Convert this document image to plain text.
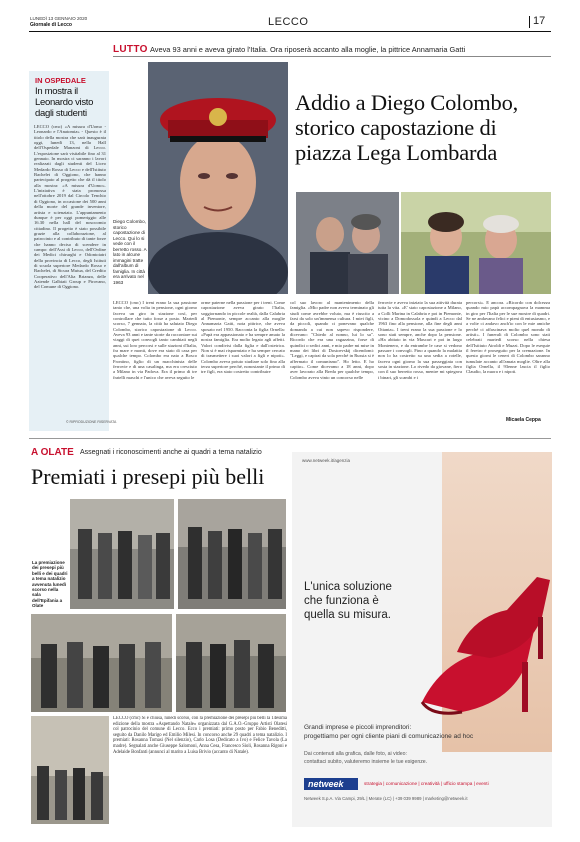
LUNEDÌ 13 GENNAIO 2020
Giornale di Lecco	LECCO	17
IN OSPEDALE
In mostra il Leonardo visto dagli studenti
LECCO (cmc) «A misura d'Uomo - Leonardo e l'Anatomia» - Questo è il titolo della mostra che sarà inaugurata oggi, lunedì 13, nella Hall dell'Ospedale Manzoni di Lecco. L'esposizione sarà visitabile fino al 31 gennaio. In mostra ci saranno i lavori realizzati dagli studenti del Liceo Medardo Rosso di Lecco e dell'Istituto Bachelet di Oggiono, che hanno partecipato al progetto che dà il titolo alla mostra: «A misura d'Uomo». L'iniziativa è stata promossa nell'ottobre 2019 dal Circolo Tenchio di Oggiono, in occasione dei 500 anni della morte del grande inventore, artista e scienziato. L'appuntamento dunque è per oggi pomeriggio alle 16.30 nella hall del nosocomio cittadino. Il progetto è stato possibile grazie alla collaborazione, al patrocinio e al contributo di tante forze che hanno deciso di scendere in campo: dell'Asst di Lecco, dell'Ordine dei Medici chirurghi e Odontoiatri della provincia di Lecco, degli Istituti di scuola superiore Medardo Rosso e Bachelet, di Sicura Mutua, del Credito Cooperativo dell'Alta Brianza, delle Aziende Galbiati Group e Pirovano, del Comune di Oggiono.
© RIPRODUZIONE RISERVATA
LUTTO Aveva 93 anni e aveva girato l'Italia. Ora riposerà accanto alla moglie, la pittrice Annamaria Gatti
Diego Colombo, storico capostazione di Lecco. Qui lo si vede con il berretto rosso. A lato in alcune immagini tratte dall'album di famiglia. In città era arrivato nel 1963
Addio a Diego Colombo, storico capostazione di piazza Lega Lombarda
LECCO (cmc) I treni erano la sua passione tanto che, una volta in pensione, ogni giorno faceva un giro in stazione così, per controllare che tutto fosse a posto. Martedì scorso, 7 gennaio, la città ha salutato Diego Colombo, storico capostazione di Lecco. Aveva 93 anni e tante storie da raccontare sui viaggi di quei convogli tanto cambiati negli anni, sui loro percorsi e sulle stazioni d'Italia, fra mare e monti, dove era stato di casa per qualche tempo. Colombo era nato a Bosco Frontino, figlio di un macchinista delle ferrovie e di una casalinga, ma era cresciuto a Milano in via Padova. Era il primo di tre fratelli maschi e l'unico che aveva seguito le
orme paterne nella passione per i treni. Come capostazione aveva girato l'Italia, soggiornando in piccole realtà, dalla Calabria al Piemonte, sempre accanto alla moglie Annamaria Gatti, nota pittrice, che aveva sposato nel 1950. Racconta la figlia Ornella: «Papà era appassionato e ha sempre amato la nostra famiglia. Era molto legato agli affetti. Valori condivisi dalla figlia e dall'ostetrica. Non si è mai risparmiato e ha sempre cercato di trasmettere i suoi valori a figli e nipoti». Colombo aveva potuto studiare solo fino alla terza superiore perché, nonostante il primo di tre figli, era stato costretto contribuire
col suo lavoro al mantenimento della famiglia. «Mio padre non aveva terminato gli studi come avrebbe voluto, ma è riuscito a farsi da solo un'immensa cultura. I miei figli, da piccoli, quando ci ponevano qualche domanda a cui non sapevo rispondere, dicevano: "Chiedo al nonno, lui lo sa". Ricordo che era una ragazzina, forse di quindici o sedici anni, e mio padre mi mise in mano dei libri di Dostoevskij dicendomi: "Leggi, e capirai da sola perché in Russia si è affermato il comunismo". Ho letto. E ho capito». Come dicevamo a 18 anni, dopo aver lavorato alla Breda per qualche tempo, Colombo aveva vinto un concorso nelle
ferrovie e aveva iniziato la sua attività durata tutta la vita. «E' stato capostazione a Milano, a Colli Marina in Calabria e poi in Piemonte, vicino a Domodossola e quindi a Lecco dal 1963 fino alla pensione, alla fine degli anni Ottanta». I treni erano la sua passione e lo sono stati sempre, anche dopo la pensione. «Ha abitato in via Mascari e poi in largo Montenero, e da entrambe le case si vedono passare i convogli. Fino a quando la malattia non lo ha costretto su una sedia a rotelle, faceva ogni giorno la sua passeggiata con sosta in stazione. Lo rivedo da giovane, fiero con il suo berretto rosso, mentre mi spiegava i binari, gli scambi e i
percorsi». E ancora. «Ricordo con dolcezza quando mio papà accompagnava la mamma in giro per l'Italia per le sue mostre di quadri. Se ne andavano felici e pieni di entusiasmo, e a volte ci andavo anch'io con le mie amiche perché ci affascinava molto quel mondo di artisti». I funerali di Colombo sono stati celebrati martedì scorso nella chiesa dell'Istituto Airoldi e Muzzi. Dopo le esequie il feretro è proseguito per la cremazione. In questo giorni le ceneri di Colombo saranno tumulate accanto all'amata moglie. Oltre alla figlia Ornella, il 93enne lascia il figlio Claudio, la nuora e i nipoti.
Micaela Ceppa
A OLATE Assegnati i riconoscimenti anche ai quadri a tema natalizio
Premiati i presepi più belli
La premiazione dei presepi più belli e dei quadri a tema natalizio avvenuta lunedì scorso nella sala dell'Epifania a Olate
LECCO (cmc) Si è chiusa, lunedì scorso, con la premiazione dei presepi più belli la 14esima edizione della mostra «Aspettando Natale» organizzata dal G.A.O.-Gruppo Artisti Olatesi col patrocinio del comune di Lecco. Ecco i premiati: primo posto per Fabio Beneditti, seguito da Danilo Marigo ed Emilio Milesi. In concorso anche 29 quadri a tema natalizio. I premiati: Rosanna Tomasi (Nel silenzio), Carlo Losa (Dedicato a Ivo) e Felice Tavola (La madre). Segnalati anche Giuseppe Salomoni, Anna Cesa, Francesco Sioli, Rosanna Rigoni e Adelaide Bonfanti (annunci al marito a Luisa Brivio (accanto di Natale).
www.netweek.it/agenzia
L'unica soluzione che funziona è quella su misura.
Grandi imprese e piccoli imprenditori:
progettiamo per ogni cliente piani di comunicazione ad hoc
Dai contenuti alla grafica, dalle foto, ai video:
contattaci subito, valuteremo insieme le tue esigenze.
netweek	strategia | comunicazione | creatività | ufficio stampa | eventi
Netweek S.p.A. Via Campi, 29/L | Merate (LC) | +39 039 9989 | marketing@netweek.it
